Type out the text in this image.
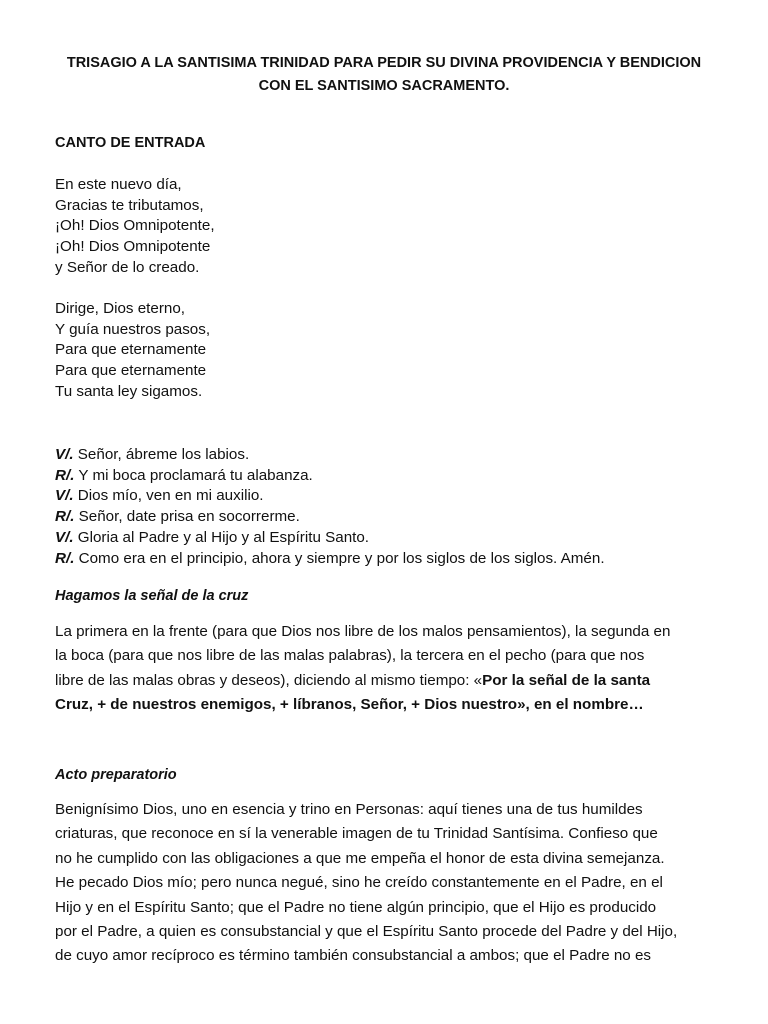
TRISAGIO A LA SANTISIMA TRINIDAD PARA PEDIR SU DIVINA PROVIDENCIA Y BENDICION
CON EL SANTISIMO SACRAMENTO.
CANTO DE ENTRADA
En este nuevo día,
Gracias te tributamos,
¡Oh! Dios Omnipotente,
¡Oh! Dios Omnipotente
y Señor de lo creado.
Dirige, Dios eterno,
Y guía nuestros pasos,
Para que eternamente
Para que eternamente
Tu santa ley sigamos.
V/. Señor, ábreme los labios.
R/. Y mi boca proclamará tu alabanza.
V/. Dios mío, ven en mi auxilio.
R/. Señor, date prisa en socorrerme.
V/. Gloria al Padre y al Hijo y al Espíritu Santo.
R/. Como era en el principio, ahora y siempre y por los siglos de los siglos. Amén.
Hagamos la señal de la cruz
La primera en la frente (para que Dios nos libre de los malos pensamientos), la segunda en
la boca (para que nos libre de las malas palabras), la tercera en el pecho (para que nos
libre de las malas obras y deseos), diciendo al mismo tiempo: «Por la señal de la santa
Cruz, + de nuestros enemigos, + líbranos, Señor, + Dios nuestro», en el nombre…
Acto preparatorio
Benignísimo Dios, uno en esencia y trino en Personas: aquí tienes una de tus humildes
criaturas, que reconoce en sí la venerable imagen de tu Trinidad Santísima. Confieso que
no he cumplido con las obligaciones a que me empeña el honor de esta divina semejanza.
He pecado Dios mío; pero nunca negué, sino he creído constantemente en el Padre, en el
Hijo y en el Espíritu Santo; que el Padre no tiene algún principio, que el Hijo es producido
por el Padre, a quien es consubstancial y que el Espíritu Santo procede del Padre y del Hijo,
de cuyo amor recíproco es término también consubstancial a ambos; que el Padre no es
